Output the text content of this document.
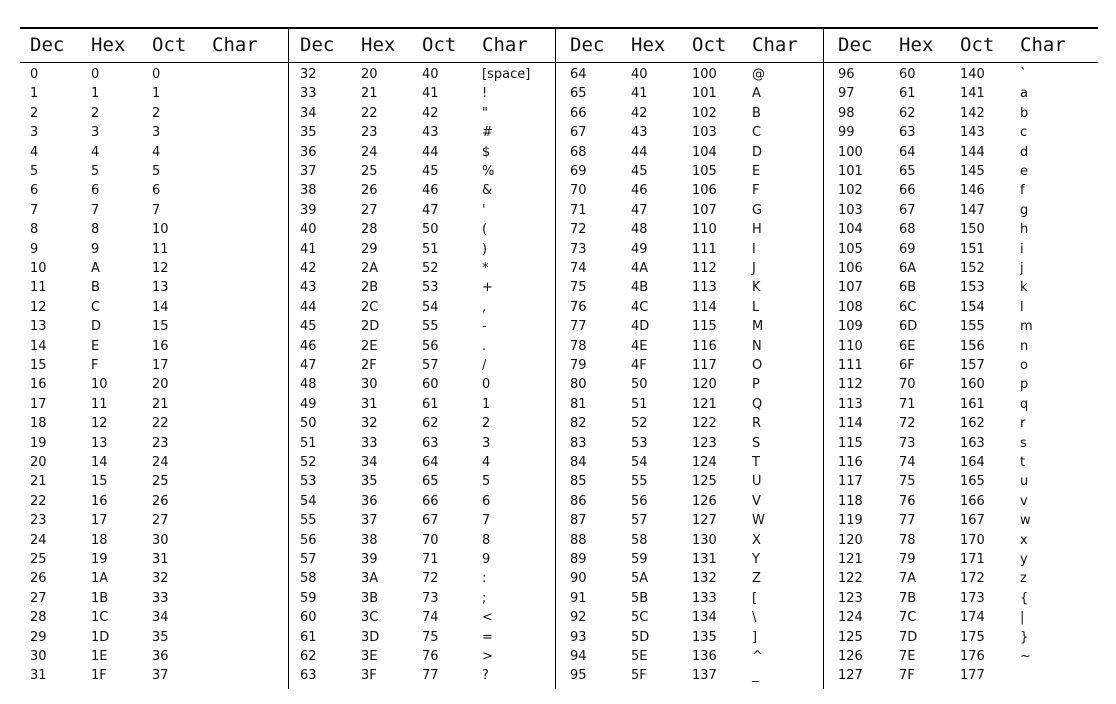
Dec Hex Oct Char Dec Hex Oct Char Dec Hex Oct Char Dec Hex Oct Char
0
1
2
3
4
5
6
7
8
9
10
11
12
13
14
15
16
17
18
19
20
21
22
23
24
25
26
27
28
29
30
31
0
1
2
3
4
5
6
7
8
9
A
B
C
D
E
F
10
11
12
13
14
15
16
17
18
19
1A
1B
1C
1D
1E
1F
0
1
2
3
4
5
6
7
10
11
12
13
14
15
16
17
20
21
22
23
24
25
26
27
30
31
32
33
34
35
36
37
32
33
34
35
36
37
38
39
40
41
42
43
44
45
46
47
48
49
50
51
52
53
54
55
56
57
58
59
60
61
62
63
20
21
22
23
24
25
26
27
28
29
2A
2B
2C
2D
2E
2F
30
31
32
33
34
35
36
37
38
39
3A
3B
3C
3D
3E
3F
40
41
42
43
44
45
46
47
50
51
52
53
54
55
56
57
60
61
62
63
64
65
66
67
70
71
72
73
74
75
76
77
[space]
!
"
#
$
%
&
'
(
)
*
+
,
-
.
/
0
1
2
3
4
5
6
7
8
9
:
;
<
=
>
?
64
65
66
67
68
69
70
71
72
73
74
75
76
77
78
79
80
81
82
83
84
85
86
87
88
89
90
91
92
93
94
95
40
41
42
43
44
45
46
47
48
49
4A
4B
4C
4D
4E
4F
50
51
52
53
54
55
56
57
58
59
5A
5B
5C
5D
5E
5F
100
101
102
103
104
105
106
107
110
111
112
113
114
115
116
117
120
121
122
123
124
125
126
127
130
131
132
133
134
135
136
137
@
A
B
C
D
E
F
G
H
I
J
K
L
M
N
O
P
Q
R
S
T
U
V
W
X
Y
Z
[
\
]
^
_
96
97
98
99
100
101
102
103
104
105
106
107
108
109
110
111
112
113
114
115
116
117
118
119
120
121
122
123
124
125
126
127
60
61
62
63
64
65
66
67
68
69
6A
6B
6C
6D
6E
6F
70
71
72
73
74
75
76
77
78
79
7A
7B
7C
7D
7E
7F
140
141
142
143
144
145
146
147
150
151
152
153
154
155
156
157
160
161
162
163
164
165
166
167
170
171
172
173
174
175
176
177
`
a
b
c
d
e
f
g
h
i
j
k
l
m
n
o
p
q
r
s
t
u
v
w
x
y
z
{
|
}
~
